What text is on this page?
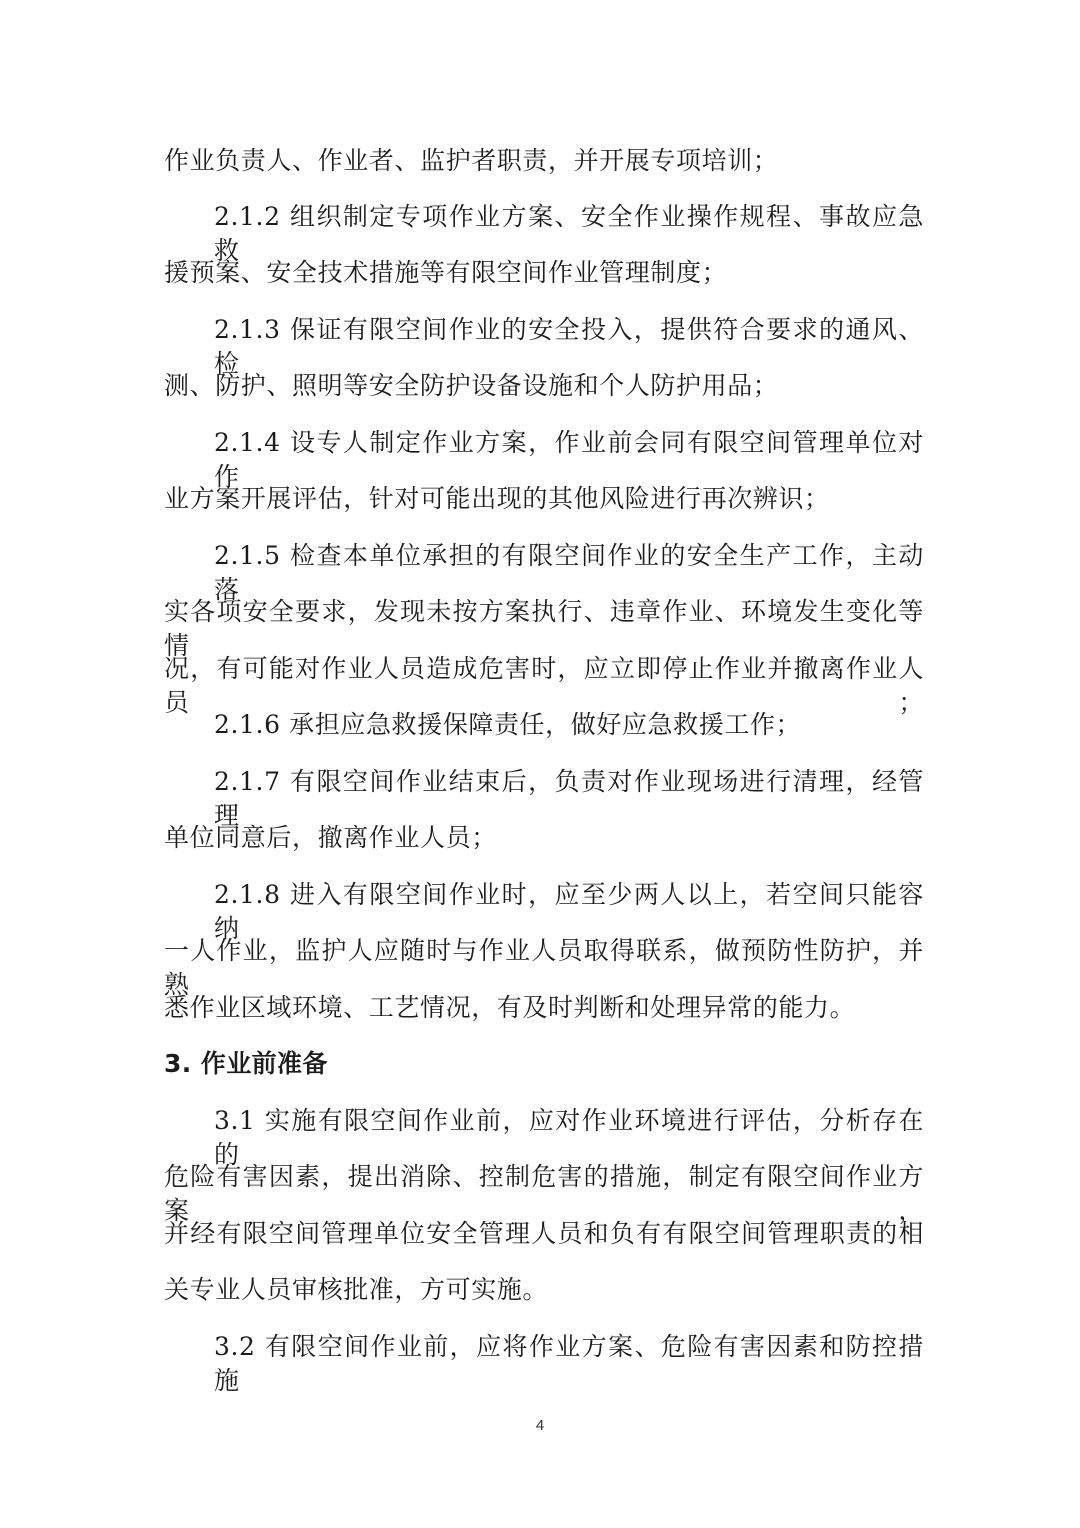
作业负责人、作业者、监护者职责，并开展专项培训；
2.1.2 组织制定专项作业方案、安全作业操作规程、事故应急救
援预案、安全技术措施等有限空间作业管理制度；
2.1.3 保证有限空间作业的安全投入，提供符合要求的通风、检
测、防护、照明等安全防护设备设施和个人防护用品；
2.1.4 设专人制定作业方案，作业前会同有限空间管理单位对作
业方案开展评估，针对可能出现的其他风险进行再次辨识；
2.1.5 检查本单位承担的有限空间作业的安全生产工作，主动落
实各项安全要求，发现未按方案执行、违章作业、环境发生变化等情
况，有可能对作业人员造成危害时，应立即停止作业并撤离作业人员；
2.1.6 承担应急救援保障责任，做好应急救援工作；
2.1.7 有限空间作业结束后，负责对作业现场进行清理，经管理
单位同意后，撤离作业人员；
2.1.8 进入有限空间作业时，应至少两人以上，若空间只能容纳
一人作业，监护人应随时与作业人员取得联系，做预防性防护，并熟
悉作业区域环境、工艺情况，有及时判断和处理异常的能力。
3. 作业前准备
3.1 实施有限空间作业前，应对作业环境进行评估，分析存在的
危险有害因素，提出消除、控制危害的措施，制定有限空间作业方案，
并经有限空间管理单位安全管理人员和负有有限空间管理职责的相
关专业人员审核批准，方可实施。
3.2 有限空间作业前，应将作业方案、危险有害因素和防控措施
4
